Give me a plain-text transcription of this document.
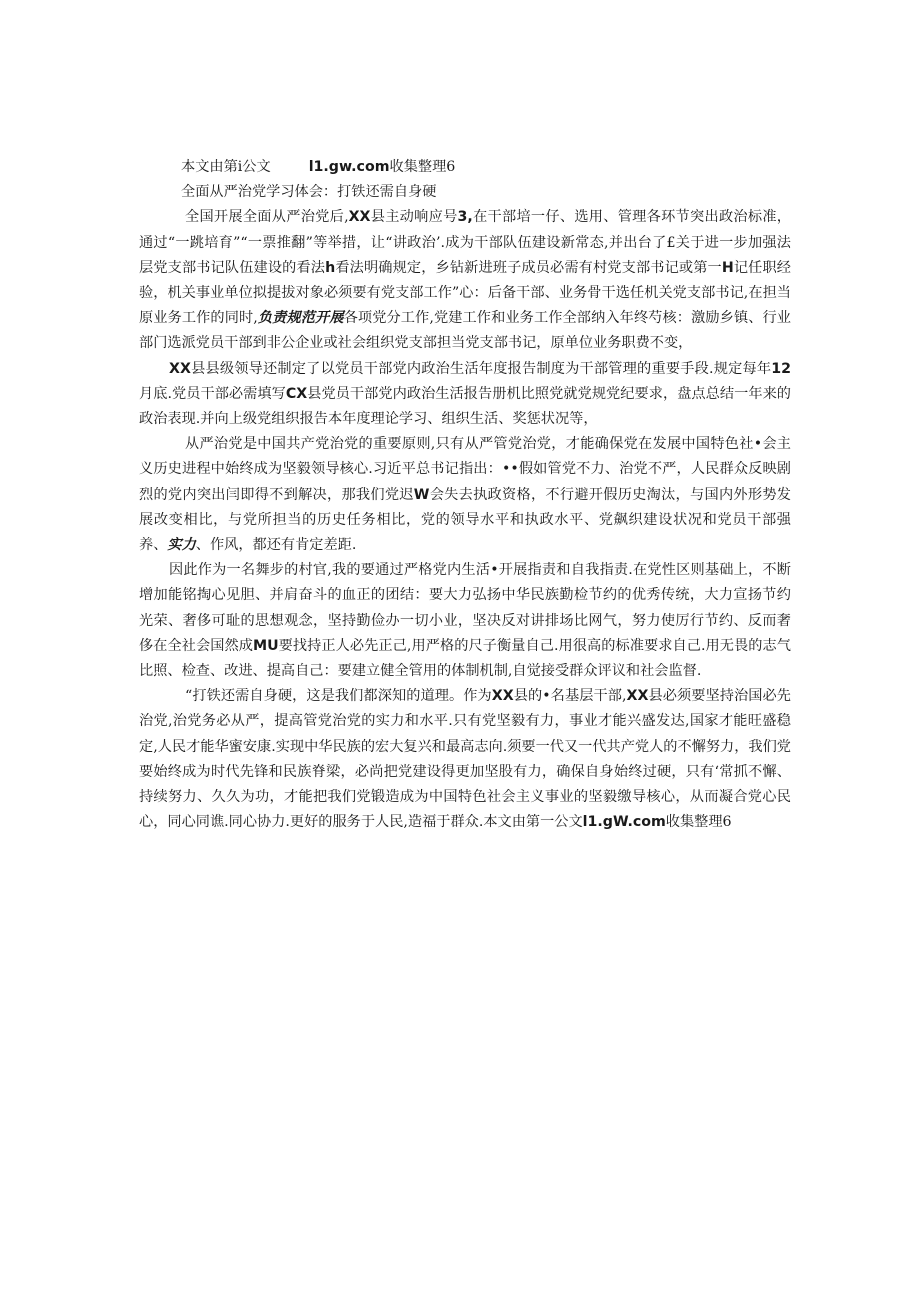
本文由第i公文	l1.gw.com收集整理6

全面从严治党学习体会：打铁还需自身硬

全国开展全面从严治党后,XX县主动响应号3,在干部培一仔、选用、管理各环节突出政治标准，通过“一跳培育”“一票推翻”等举措，让“讲政治’.成为干部队伍建设新常态,并出台了£关于进一步加强法层党支部书记队伍建设的看法h看法明确规定，乡钻新进班子成员必需有村党支部书记或第一H记任职经验，机关事业单位拟提拔对象必须要有党支部工作”心：后备干部、业务骨干选任机关党支部书记,在担当原业务工作的同时,负责规范开展各项党分工作,党建工作和业务工作全部纳入年终芍核：激励乡镇、行业部门选派党员干部到非公企业或社会组织党支部担当党支部书记，原单位业务职费不变，

XX县县级领导还制定了以党员干部党内政治生活年度报告制度为干部管理的重要手段.规定每年12月底.党员干部必需填写CX县党员干部党内政治生活报告册机比照党就党规党纪要求，盘点总结一年来的政治表现.并向上级党组织报告本年度理论学习、组织生活、奖惩状况等，

从严治党是中国共产党治党的重要原则,只有从严管党治党，才能确保党在发展中国特色社•会主义历史进程中始终成为坚毅领导核心.习近平总书记指出：••假如管党不力、治党不严，人民群众反映剧烈的党内突出闫即得不到解决，那我们党迟W会失去执政资格，不行避开假历史淘汰，与国内外形势发展改变相比，与党所担当的历史任务相比，党的领导水平和执政水平、党飙织建设状况和党员干部强养、实力、作风，都还有肯定差距.

因此作为一名舞步的村官,我的要通过严格党内生活•开展指责和自我指责.在党性区则基础上，不断增加能铭掏心见胆、并肩奋斗的血正的团结：要大力弘扬中华民族勤检节约的优秀传统，大力宣扬节约光荣、奢侈可耻的思想观念，坚持勤俭办一切小业，坚决反对讲排场比网气，努力使厉行节约、反而奢侈在全社会国然成MU要找持正人必先正己,用严格的尺子衡量自己.用很高的标准要求自己.用无畏的志气比照、检查、改进、提高自己：要建立健全管用的体制机制,自觉接受群众评议和社会监督.

“打铁还需自身硬，这是我们都深知的道理。作为XX县的•名基层干部,XX县必须要坚持治国必先治党,治党务必从严，提高管党治党的实力和水平.只有党坚毅有力，事业才能兴盛发达,国家才能旺盛稳定,人民才能华蜜安康.实现中华民族的宏大复兴和最高志向.须要一代又一代共产党人的不懈努力，我们党要始终成为时代先锋和民族脊梁，必尚把党建设得更加坚股有力，确保自身始终过硬，只有‘常抓不懈、持续努力、久久为功，才能把我们党锻造成为中国特色社会主义事业的坚毅缴导核心，从而凝合党心民心，同心同谯.同心协力.更好的服务于人民,造福于群众.本文由第一公文l1.gW.com收集整理6
